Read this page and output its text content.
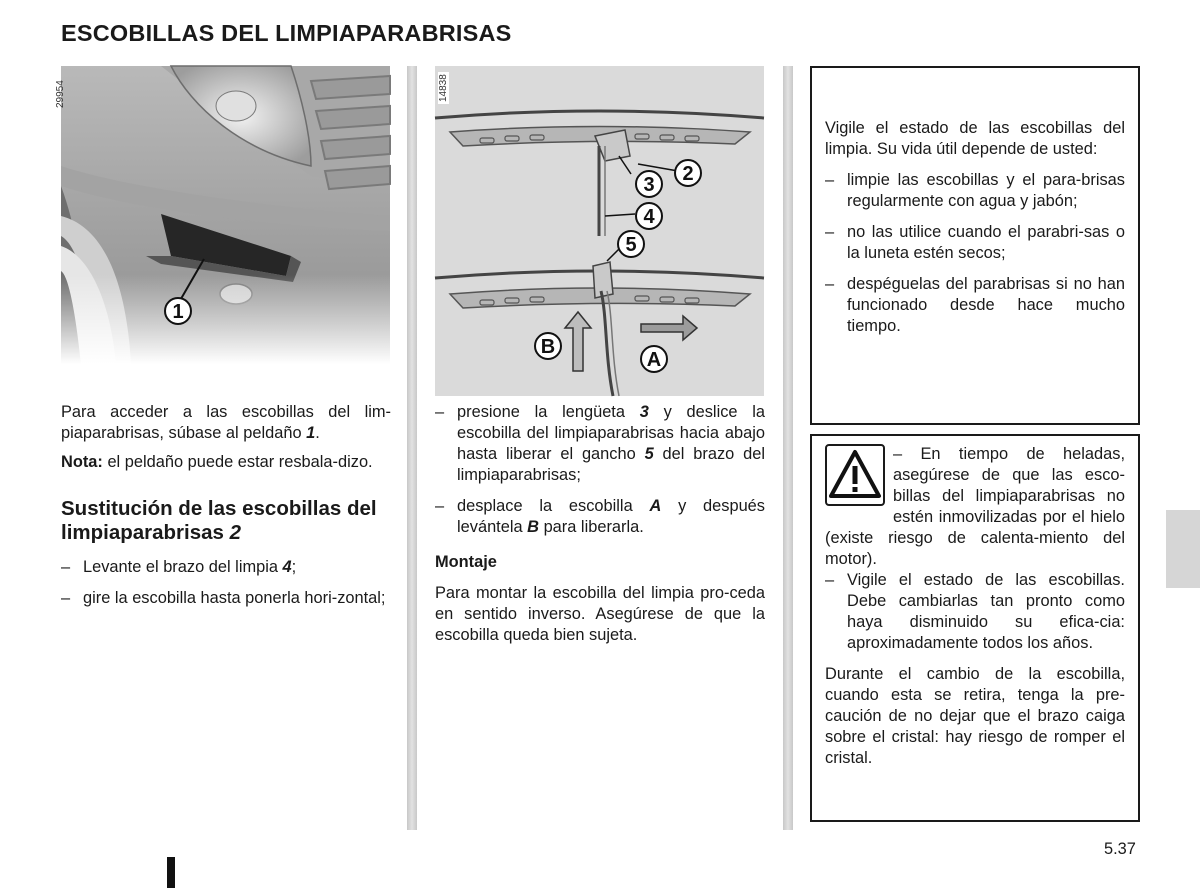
ESCOBILLAS DEL LIMPIAPARABRISAS
1
29954
2
3
4
5
B
A
14838

Para acceder a las escobillas del lim-piaparabrisas, súbase al peldaño 1.

Nota: el peldaño puede estar resbala-dizo.

Sustitución de las escobillas del limpiaparabrisas 2
– Levante el brazo del limpia 4;
– gire la escobilla hasta ponerla hori-zontal;
– presione la lengüeta 3 y deslice la escobilla del limpiaparabrisas hacia abajo hasta liberar el gancho 5 del brazo del limpiaparabrisas;
– desplace la escobilla A y después levántela B para liberarla.

Montaje

Para montar la escobilla del limpia pro-ceda en sentido inverso. Asegúrese de que la escobilla queda bien sujeta.

Vigile el estado de las escobillas del limpia. Su vida útil depende de usted:

– limpie las escobillas y el para-brisas regularmente con agua y jabón;
– no las utilice cuando el parabri-sas o la luneta estén secos;
– despéguelas del parabrisas si no han funcionado desde hace mucho tiempo.
– En tiempo de heladas, asegúrese de que las esco-billas del limpiaparabrisas no estén inmovilizadas por el hielo (existe riesgo de calenta-miento del motor).
– Vigile el estado de las escobillas. Debe cambiarlas tan pronto como haya disminuido su efica-cia: aproximadamente todos los años.

Durante el cambio de la escobilla, cuando esta se retira, tenga la pre-caución de no dejar que el brazo caiga sobre el cristal: hay riesgo de romper el cristal.

5.37
